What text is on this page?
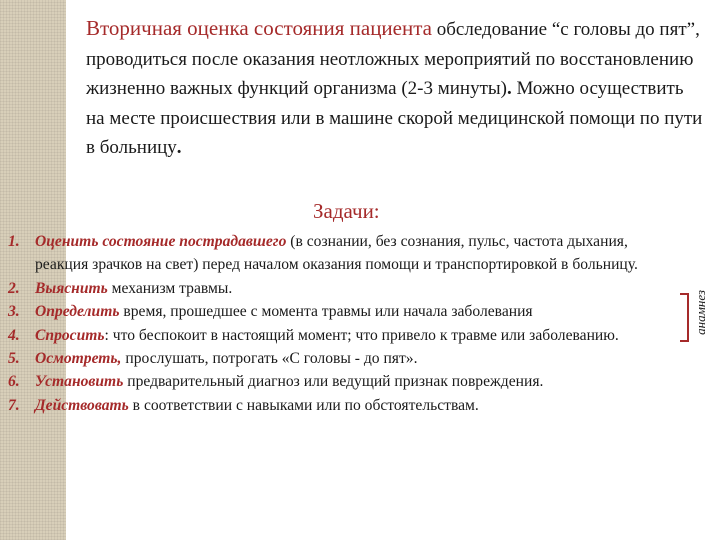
Вторичная оценка состояния пациента обследование “с головы до пят”, проводиться после оказания неотложных мероприятий по восстановлению жизненно важных функций организма (2-3 минуты). Можно осуществить на месте происшествия или в машине скорой медицинской помощи по пути в больницу.
Задачи:
1. Оценить состояние пострадавшего (в сознании, без сознания, пульс, частота дыхания, реакция зрачков на свет) перед началом оказания помощи и транспортировкой в больницу.
2. Выяснить механизм травмы.
3. Определить время, прошедшее с момента травмы или начала заболевания
4. Спросить: что беспокоит в настоящий момент; что привело к травме или заболеванию.
5. Осмотреть, прослушать, потрогать «С головы - до пят».
6. Установить предварительный диагноз или ведущий признак повреждения.
7. Действовать в соответствии с навыками или по обстоятельствам.
анамнез
